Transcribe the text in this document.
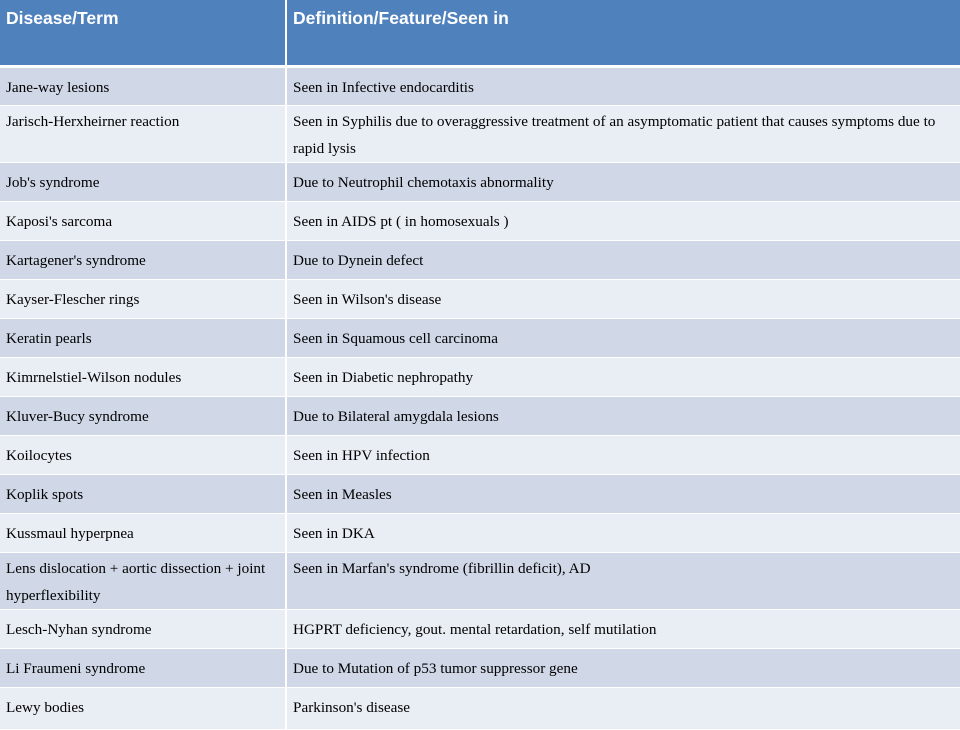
Disease/Term	Definition/Feature/Seen in
Jane-way lesions	Seen in Infective endocarditis
Jarisch-Herxheirner reaction	Seen in Syphilis due to overaggressive treatment of an asymptomatic patient that causes symptoms due to rapid lysis
Job's syndrome	Due to Neutrophil chemotaxis abnormality
Kaposi's sarcoma	Seen in AIDS pt ( in homosexuals )
Kartagener's syndrome	Due to Dynein defect
Kayser-Flescher rings	Seen in Wilson's disease
Keratin pearls	Seen in Squamous cell carcinoma
Kimrnelstiel-Wilson nodules	Seen in Diabetic nephropathy
Kluver-Bucy syndrome	Due to Bilateral amygdala lesions
Koilocytes	Seen in HPV infection
Koplik spots	Seen in Measles
Kussmaul hyperpnea	Seen in DKA
Lens dislocation + aortic dissection + joint hyperflexibility	Seen in Marfan's syndrome (fibrillin deficit), AD
Lesch-Nyhan syndrome	HGPRT deficiency, gout. mental retardation, self mutilation
Li Fraumeni syndrome	Due to Mutation of p53 tumor suppressor gene
Lewy bodies	Parkinson's disease
